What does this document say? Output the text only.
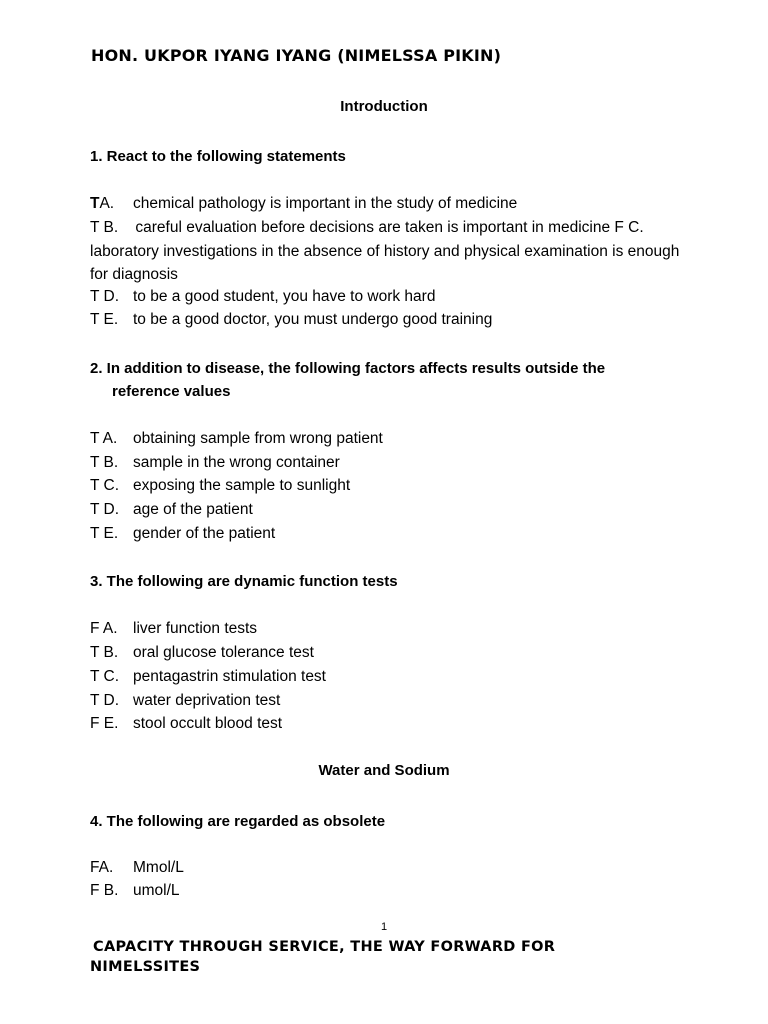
HON. UKPOR IYANG IYANG (NIMELSSA PIKIN)
Introduction
1. React to the following statements
TA. chemical pathology is important in the study of medicine
T B.    careful evaluation before decisions are taken is important in medicine F C. laboratory investigations in the absence of history and physical examination is enough for diagnosis
T D. to be a good student, you have to work hard
T E. to be a good doctor, you must undergo good training
2. In addition to disease, the following factors affects results outside the
reference values
T A. obtaining sample from wrong patient
T B. sample in the wrong container
T C. exposing the sample to sunlight
T D. age of the patient
T E. gender of the patient
3. The following are dynamic function tests
F A. liver function tests
T B. oral glucose tolerance test
T C. pentagastrin stimulation test
T D. water deprivation test
F E. stool occult blood test
Water and Sodium
4. The following are regarded as obsolete
FA. Mmol/L
F B. umol/L
1
CAPACITY THROUGH SERVICE, THE WAY FORWARD FOR
NIMELSSITES
